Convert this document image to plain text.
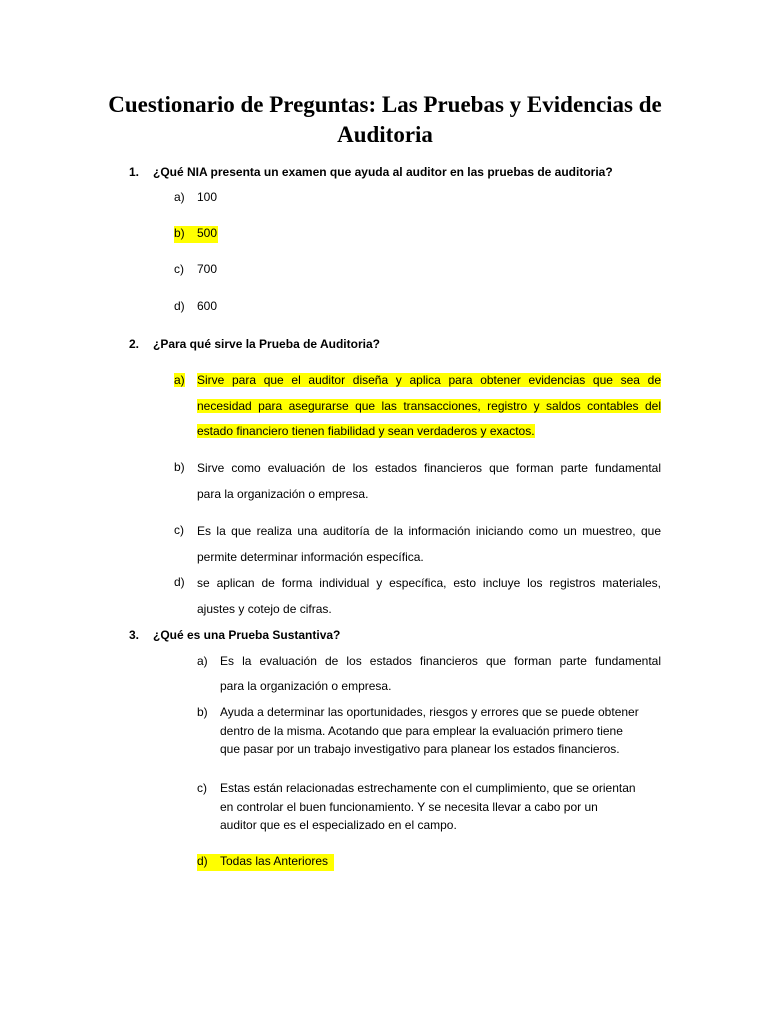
Cuestionario de Preguntas: Las Pruebas y Evidencias de
Auditoria
1. ¿Qué NIA presenta un examen que ayuda al auditor en las pruebas de auditoria?
a) 100
b) 500
c) 700
d) 600
2. ¿Para qué sirve la Prueba de Auditoria?
a) Sirve para que el auditor diseña y aplica para obtener evidencias que sea de
necesidad para asegurarse que las transacciones, registro y saldos contables del
estado financiero tienen fiabilidad y sean verdaderos y exactos.
b) Sirve como evaluación de los estados financieros que forman parte fundamental
para la organización o empresa.
c) Es la que realiza una auditoría de la información iniciando como un muestreo, que
permite determinar información específica.
d) se aplican de forma individual y específica, esto incluye los registros materiales,
ajustes y cotejo de cifras.
3. ¿Qué es una Prueba Sustantiva?
a) Es la evaluación de los estados financieros que forman parte fundamental
para la organización o empresa.
b) Ayuda a determinar las oportunidades, riesgos y errores que se puede obtener
dentro de la misma. Acotando que para emplear la evaluación primero tiene
que pasar por un trabajo investigativo para planear los estados financieros.
c) Estas están relacionadas estrechamente con el cumplimiento, que se orientan
en controlar el buen funcionamiento. Y se necesita llevar a cabo por un
auditor que es el especializado en el campo.
d) Todas las Anteriores
